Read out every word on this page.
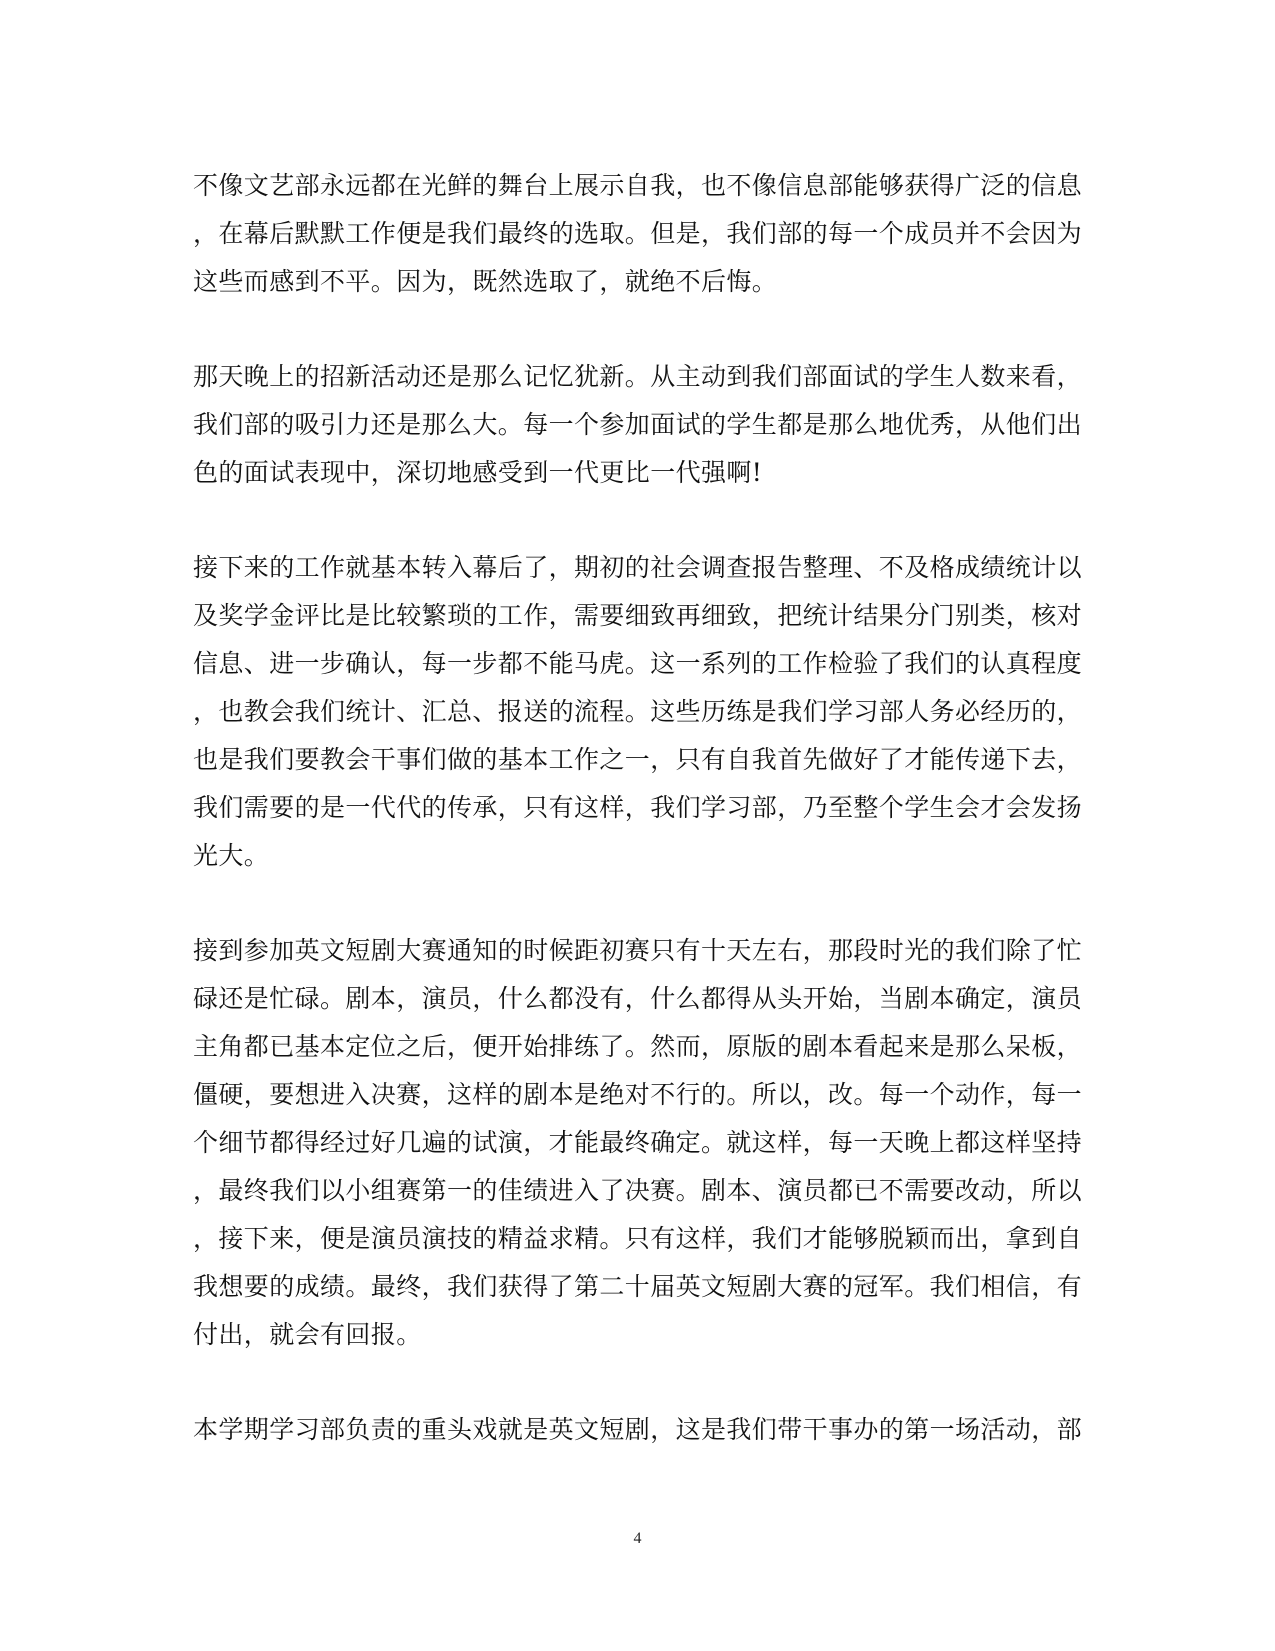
不像文艺部永远都在光鲜的舞台上展示自我，也不像信息部能够获得广泛的信息
，在幕后默默工作便是我们最终的选取。但是，我们部的每一个成员并不会因为
这些而感到不平。因为，既然选取了，就绝不后悔。
那天晚上的招新活动还是那么记忆犹新。从主动到我们部面试的学生人数来看，
我们部的吸引力还是那么大。每一个参加面试的学生都是那么地优秀，从他们出
色的面试表现中，深切地感受到一代更比一代强啊!
接下来的工作就基本转入幕后了，期初的社会调查报告整理、不及格成绩统计以
及奖学金评比是比较繁琐的工作，需要细致再细致，把统计结果分门别类，核对
信息、进一步确认，每一步都不能马虎。这一系列的工作检验了我们的认真程度
，也教会我们统计、汇总、报送的流程。这些历练是我们学习部人务必经历的，
也是我们要教会干事们做的基本工作之一，只有自我首先做好了才能传递下去，
我们需要的是一代代的传承，只有这样，我们学习部，乃至整个学生会才会发扬
光大。
接到参加英文短剧大赛通知的时候距初赛只有十天左右，那段时光的我们除了忙
碌还是忙碌。剧本，演员，什么都没有，什么都得从头开始，当剧本确定，演员
主角都已基本定位之后，便开始排练了。然而，原版的剧本看起来是那么呆板，
僵硬，要想进入决赛，这样的剧本是绝对不行的。所以，改。每一个动作，每一
个细节都得经过好几遍的试演，才能最终确定。就这样，每一天晚上都这样坚持
，最终我们以小组赛第一的佳绩进入了决赛。剧本、演员都已不需要改动，所以
，接下来，便是演员演技的精益求精。只有这样，我们才能够脱颖而出，拿到自
我想要的成绩。最终，我们获得了第二十届英文短剧大赛的冠军。我们相信，有
付出，就会有回报。
本学期学习部负责的重头戏就是英文短剧，这是我们带干事办的第一场活动，部
4
